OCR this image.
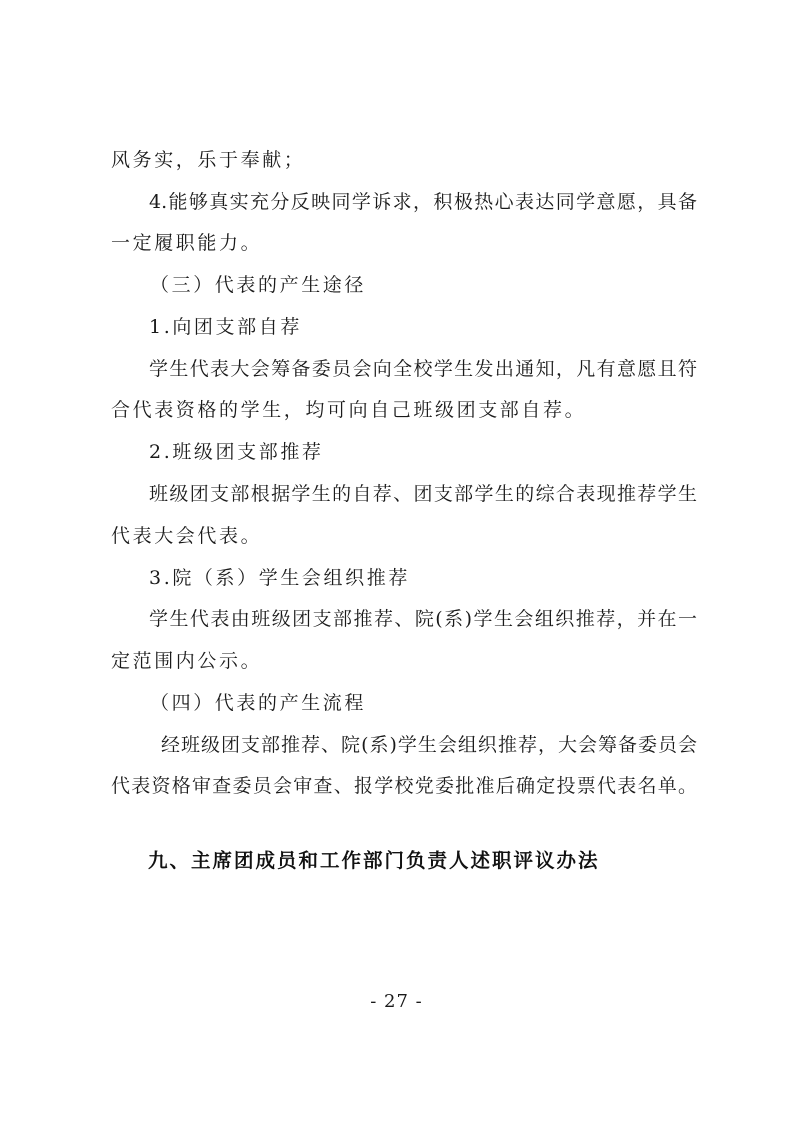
风务实，乐于奉献；
4.能够真实充分反映同学诉求，积极热心表达同学意愿，具备
一定履职能力。
（三）代表的产生途径
1.向团支部自荐
学生代表大会筹备委员会向全校学生发出通知，凡有意愿且符
合代表资格的学生，均可向自己班级团支部自荐。
2.班级团支部推荐
班级团支部根据学生的自荐、团支部学生的综合表现推荐学生
代表大会代表。
3.院（系）学生会组织推荐
学生代表由班级团支部推荐、院(系)学生会组织推荐，并在一
定范围内公示。
（四）代表的产生流程
经班级团支部推荐、院(系)学生会组织推荐，大会筹备委员会
代表资格审查委员会审查、报学校党委批准后确定投票代表名单。
九、主席团成员和工作部门负责人述职评议办法
- 27 -
